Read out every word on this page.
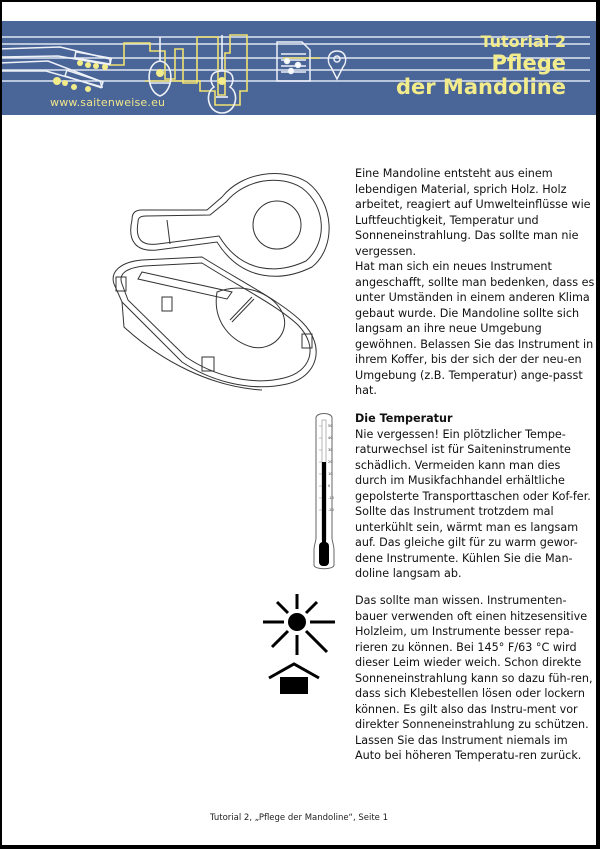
www.saitenweise.eu
Tutorial 2
Pflege
der Mandoline

Eine Mandoline entsteht aus einem lebendigen Material, sprich Holz. Holz arbeitet, reagiert auf Umwelteinflüsse wie Luftfeuchtigkeit, Temperatur und Sonneneinstrahlung. Das sollte man nie vergessen.

Hat man sich ein neues Instrument angeschafft, sollte man bedenken, dass es unter Umständen in einem anderen Klima gebaut wurde. Die Mandoline sollte sich langsam an ihre neue Umgebung gewöhnen. Belassen Sie das Instrument in ihrem Koffer, bis der sich der der neu-en Umgebung (z.B. Temperatur) ange-passt hat.

50
40
30
20
10
0
-10
-20
Die Temperatur

Nie vergessen! Ein plötzlicher Tempe-raturwechsel ist für Saiteninstrumente schädlich. Vermeiden kann man dies durch im Musikfachhandel erhältliche gepolsterte Transporttaschen oder Kof-fer. Sollte das Instrument trotzdem mal unterkühlt sein, wärmt man es langsam auf. Das gleiche gilt für zu warm gewor-dene Instrumente. Kühlen Sie die Man-doline langsam ab.

Das sollte man wissen. Instrumenten-bauer verwenden oft einen hitzesensitive Holzleim, um Instrumente besser repa-rieren zu können. Bei 145° F/63 °C wird dieser Leim wieder weich. Schon direkte Sonneneinstrahlung kann so dazu füh-ren, dass sich Klebestellen lösen oder lockern können. Es gilt also das Instru-ment vor direkter Sonneneinstrahlung zu schützen. Lassen Sie das Instrument niemals im Auto bei höheren Temperatu-ren zurück.

Tutorial 2, „Pflege der Mandoline“, Seite 1
